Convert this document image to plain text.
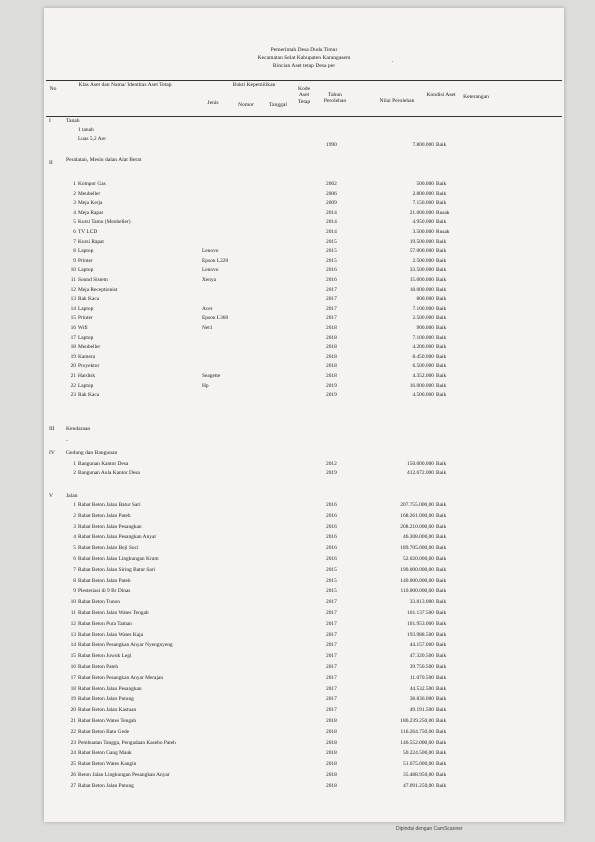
Pemerintah Desa Duda Timur
Kecamatan Selat Kabupaten Karangasem
Rincian Aset tetap Desa per
.
No
Klas Aset dan Nama/ Identitas Aset Tetap	Bukti Kepemilikan
Jenis	Nomor	Tanggal
Kode Aset Tetap
Tahun Perolehan	Nilai Perolehan
Kondisi Aset	Keterangan
I	Tanah
1 tanah
Luas 5,2 Are
1990	7.800.000 Baik
II Peralatan, Mesin dalan Alat Berat
1 Kompor Gas	2002	500.000 Baik
2 Meubeller	2006	2.800.000 Baik
3 Meja Kerja	2009	7.150.000 Baik
4 Meja Rapat	2014	21.000.000 Rusak
5 Kursi Tamu (Meubeller)	2014	4.950.000 Baik
6 TV LCD	2014	3.500.000 Rusak
7 Kursi Rapat	2015	19.500.000 Baik
8 Laptop	Lenovo	2015	57.000.000 Baik
9 Printer	Epson L220	2015	2.500.000 Baik
10 Laptop	Lenovo	2016	33.500.000 Baik
11 Sound Sistem	Xenya	2016	15.000.000 Baik
12 Meja Receptionist	2017	18.000.000 Baik
13 Rak Kaca	2017	800.000 Baik
14 Laptop	Acer	2017	7.100.000 Baik
15 Printer	Epson L360	2017	2.500.000 Baik
16 Wifi	Net1	2018	900.000 Baik
17 Laptop	2018	7.100.000 Baik
18 Meubeller	2018	4.200.000 Baik
19 Kamera	2018	8.450.000 Baik
20 Proyektor	2018	6.500.000 Baik
21 Hardisk	Seagette	2018	4.352.000 Baik
22 Laptop	Hp	2019	16.000.000 Baik
23 Rak Kaca	2019	4.500.000 Baik
III Kendaraan
-
IV Gedung dan Bangunan
1 Bangunan Kantor Desa	2012	150.000.000 Baik
2 Bangunan Aula Kantor Desa	2019	412.672.000 Baik
V Jalan
1 Rabat Beton Jalan Batur Sari	2016	207.755.000,00 Baik
2 Rabat Beton Jalan Pateh	2016	168.261.000,00 Baik
3 Rabat Beton Jalan Pesangkan	2016	208.210.000,00 Baik
4 Rabat Beton Jalan Pesangkan Anyar	2016	46.308.000,00 Baik
5 Rabat Beton Jalan Beji Suci	2016	189.705.000,00 Baik
6 Rabat Beton Jalan Lingkungan Krum	2016	52.020.000,00 Baik
7 Rabat Beton Jalan Siring Batur Sari	2015	190.000.000,00 Baik
8 Rabat Beton Jalan Pateh	2015	140.000.000,00 Baik
9 Plesteriasi di 9 Br Dinas	2015	110.000.000,00 Baik
10 Rabat Beton Tunon	2017	33.813.000 Baik
11 Rabat Beton Jalan Wates Tengah	2017	161.137.500 Baik
12 Rabat Beton Pura Taman	2017	101.953.000 Baik
13 Rabat Beton Jalan Wates Kaja	2017	193.988.500 Baik
14 Rabat Beton Pesangkan Anyar Nyengnyeng	2017	44.157.000 Baik
15 Rabat Beton Juwuk Legi	2017	47.320.500 Baik
16 Rabat Beton Pateh	2017	39.750.500 Baik
17 Rabat Beton Pesangkan Anyar Merajan	2017	11.070.500 Baik
18 Rabat Beton Jalan Pesangkan	2017	44.532.500 Baik
19 Rabat Beton Jalan Putung	2017	38.836.000 Baik
20 Rabat Beton Jalan Kastuan	2017	49.191.500 Baik
21 Rabat Beton Wates Tengah	2018	186.239.250,00 Baik
22 Rabat Beton Batu Gede	2018	116.264.750,00 Baik
23 Pembuatan Tangga, Pengadaan Kasebo Pateh	2018	146.552.000,00 Baik
24 Rabat Beton Gang Mauk	2018	50.224.500,00 Baik
25 Rabat Beton Wates Kangin	2018	51.675.000,00 Baik
26 Beton Jalan Lingkungan Pesangkan Anyar	2018	35.488.950,00 Baik
27 Rabat Beton Jalan Putung	2018	47.091.250,00 Baik
Dipindai dengan CamScanner
